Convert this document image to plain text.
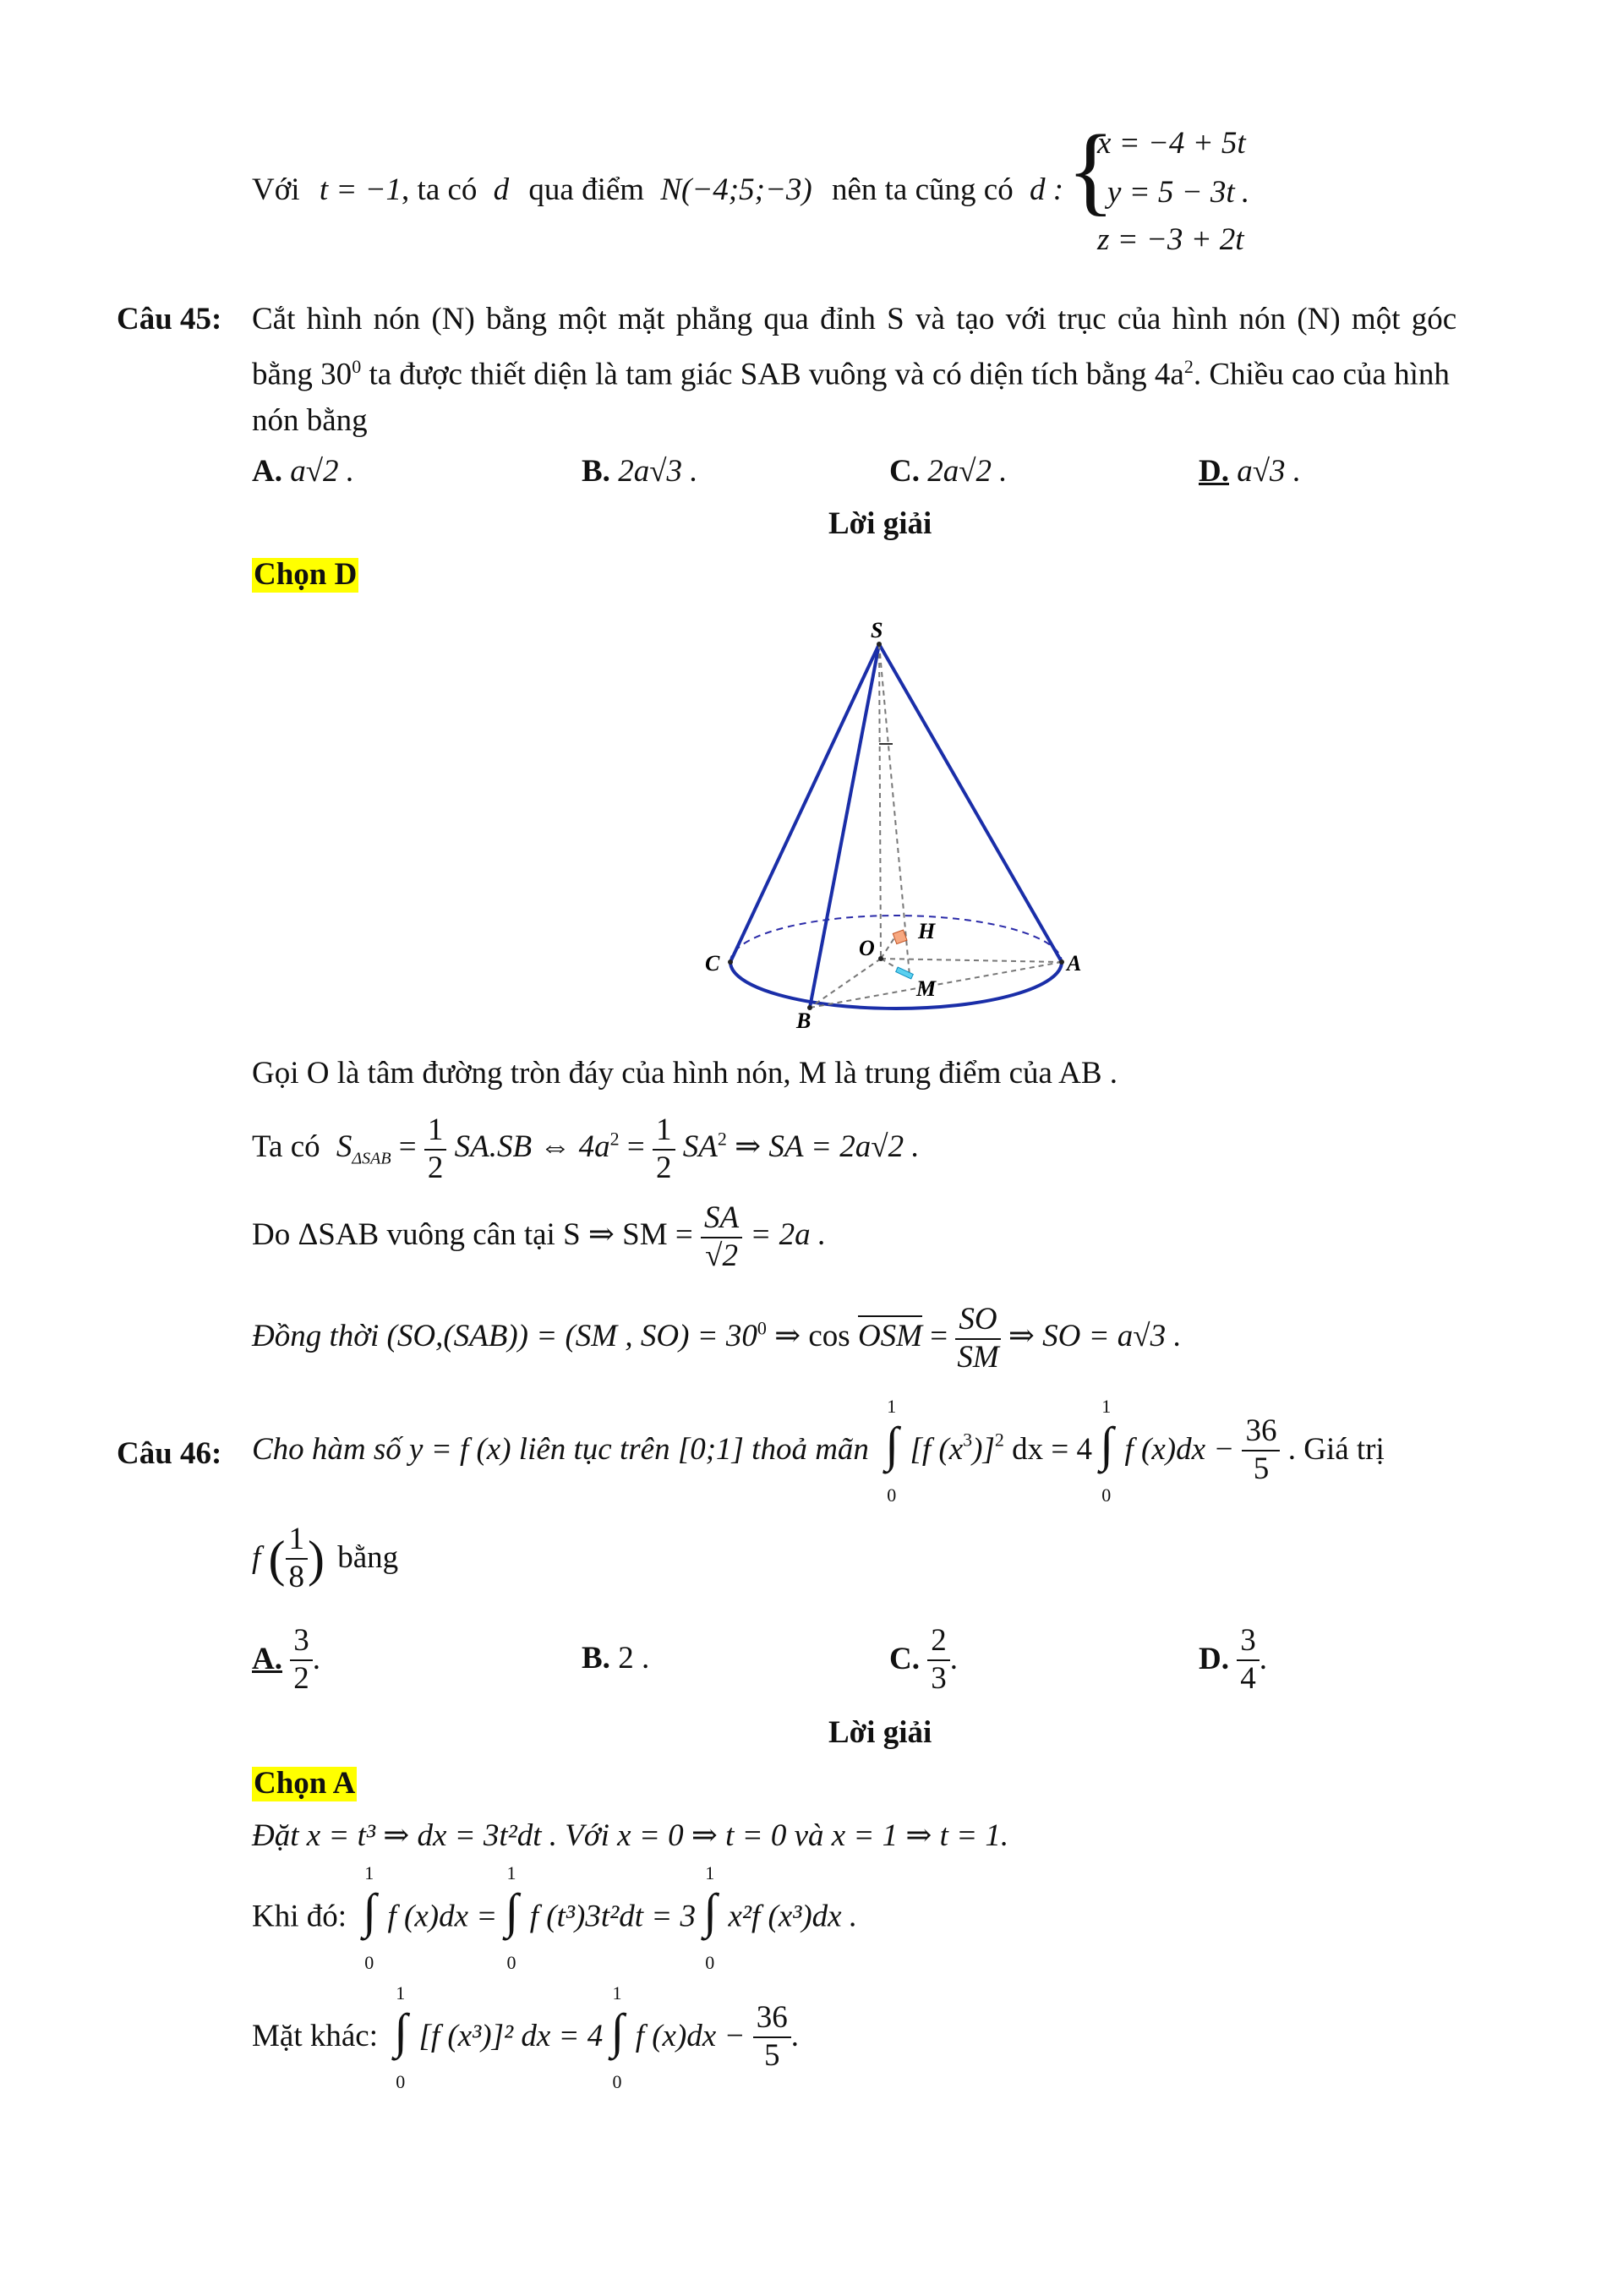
Với t = −1, ta có d qua điểm N(−4;5;−3) nên ta cũng có d : {
x = −4 + 5t
y = 5 − 3t
z = −3 + 2t
.
Câu 45: Cắt hình nón (N) bằng một mặt phẳng qua đỉnh S và tạo với trục của hình nón (N) một góc
bằng $30^0$ ta được thiết diện là tam giác SAB vuông và có diện tích bằng $4a^2$. Chiều cao của hình
nón bằng
A. a√2 .	B. 2a√3 .	C. 2a√2 .	D. a√3 .
Lời giải
Chọn D
S
C
O
H
A
M
B
Gọi O là tâm đường tròn đáy của hình nón, M là trung điểm của AB .
Ta có $S_{\Delta SAB} = \frac{1}{2} SA.SB$ ⇔ $4a^2 = \frac{1}{2} SA^2$ ⇒ SA = 2a√2 .
Do ΔSAB vuông cân tại S ⇒ SM = $\frac{SA}{√2} = 2a$ .
Đồng thời (SO,(SAB)) = (SM , $SO) = 30^0$ ⇒ cos OSM = $\frac{SO}{SM}$ ⇒ SO = a√3 .
Câu 46: Cho hàm số y = f (x) liên tục trên [0;1] thoả mãn ∫
1
0
[f $(x^3)]^2$ dx = 4 ∫
1
0
f $(x)dx - \frac{36}{5}$ . Giá trị
f ( $\frac{1}{8}$ ) bằng
A. $\frac{3}{2}$ .	B. 2 .	C. $\frac{2}{3}$ .	D. $\frac{3}{4}$ .
Lời giải
Chọn A
Đặt x = t³ ⇒ dx = 3t²dt . Với x = 0 ⇒ t = 0 và x = 1 ⇒ t = 1.
Khi đó: ∫
1
0
f (x)dx = ∫
1
0
f (t³)3t²dt = 3 ∫
1
0
x²f (x³)dx .
Mặt khác: ∫
1
0
[f (x³)]² dx = 4 ∫
1
0
f $(x)dx - \frac{36}{5}$ .
